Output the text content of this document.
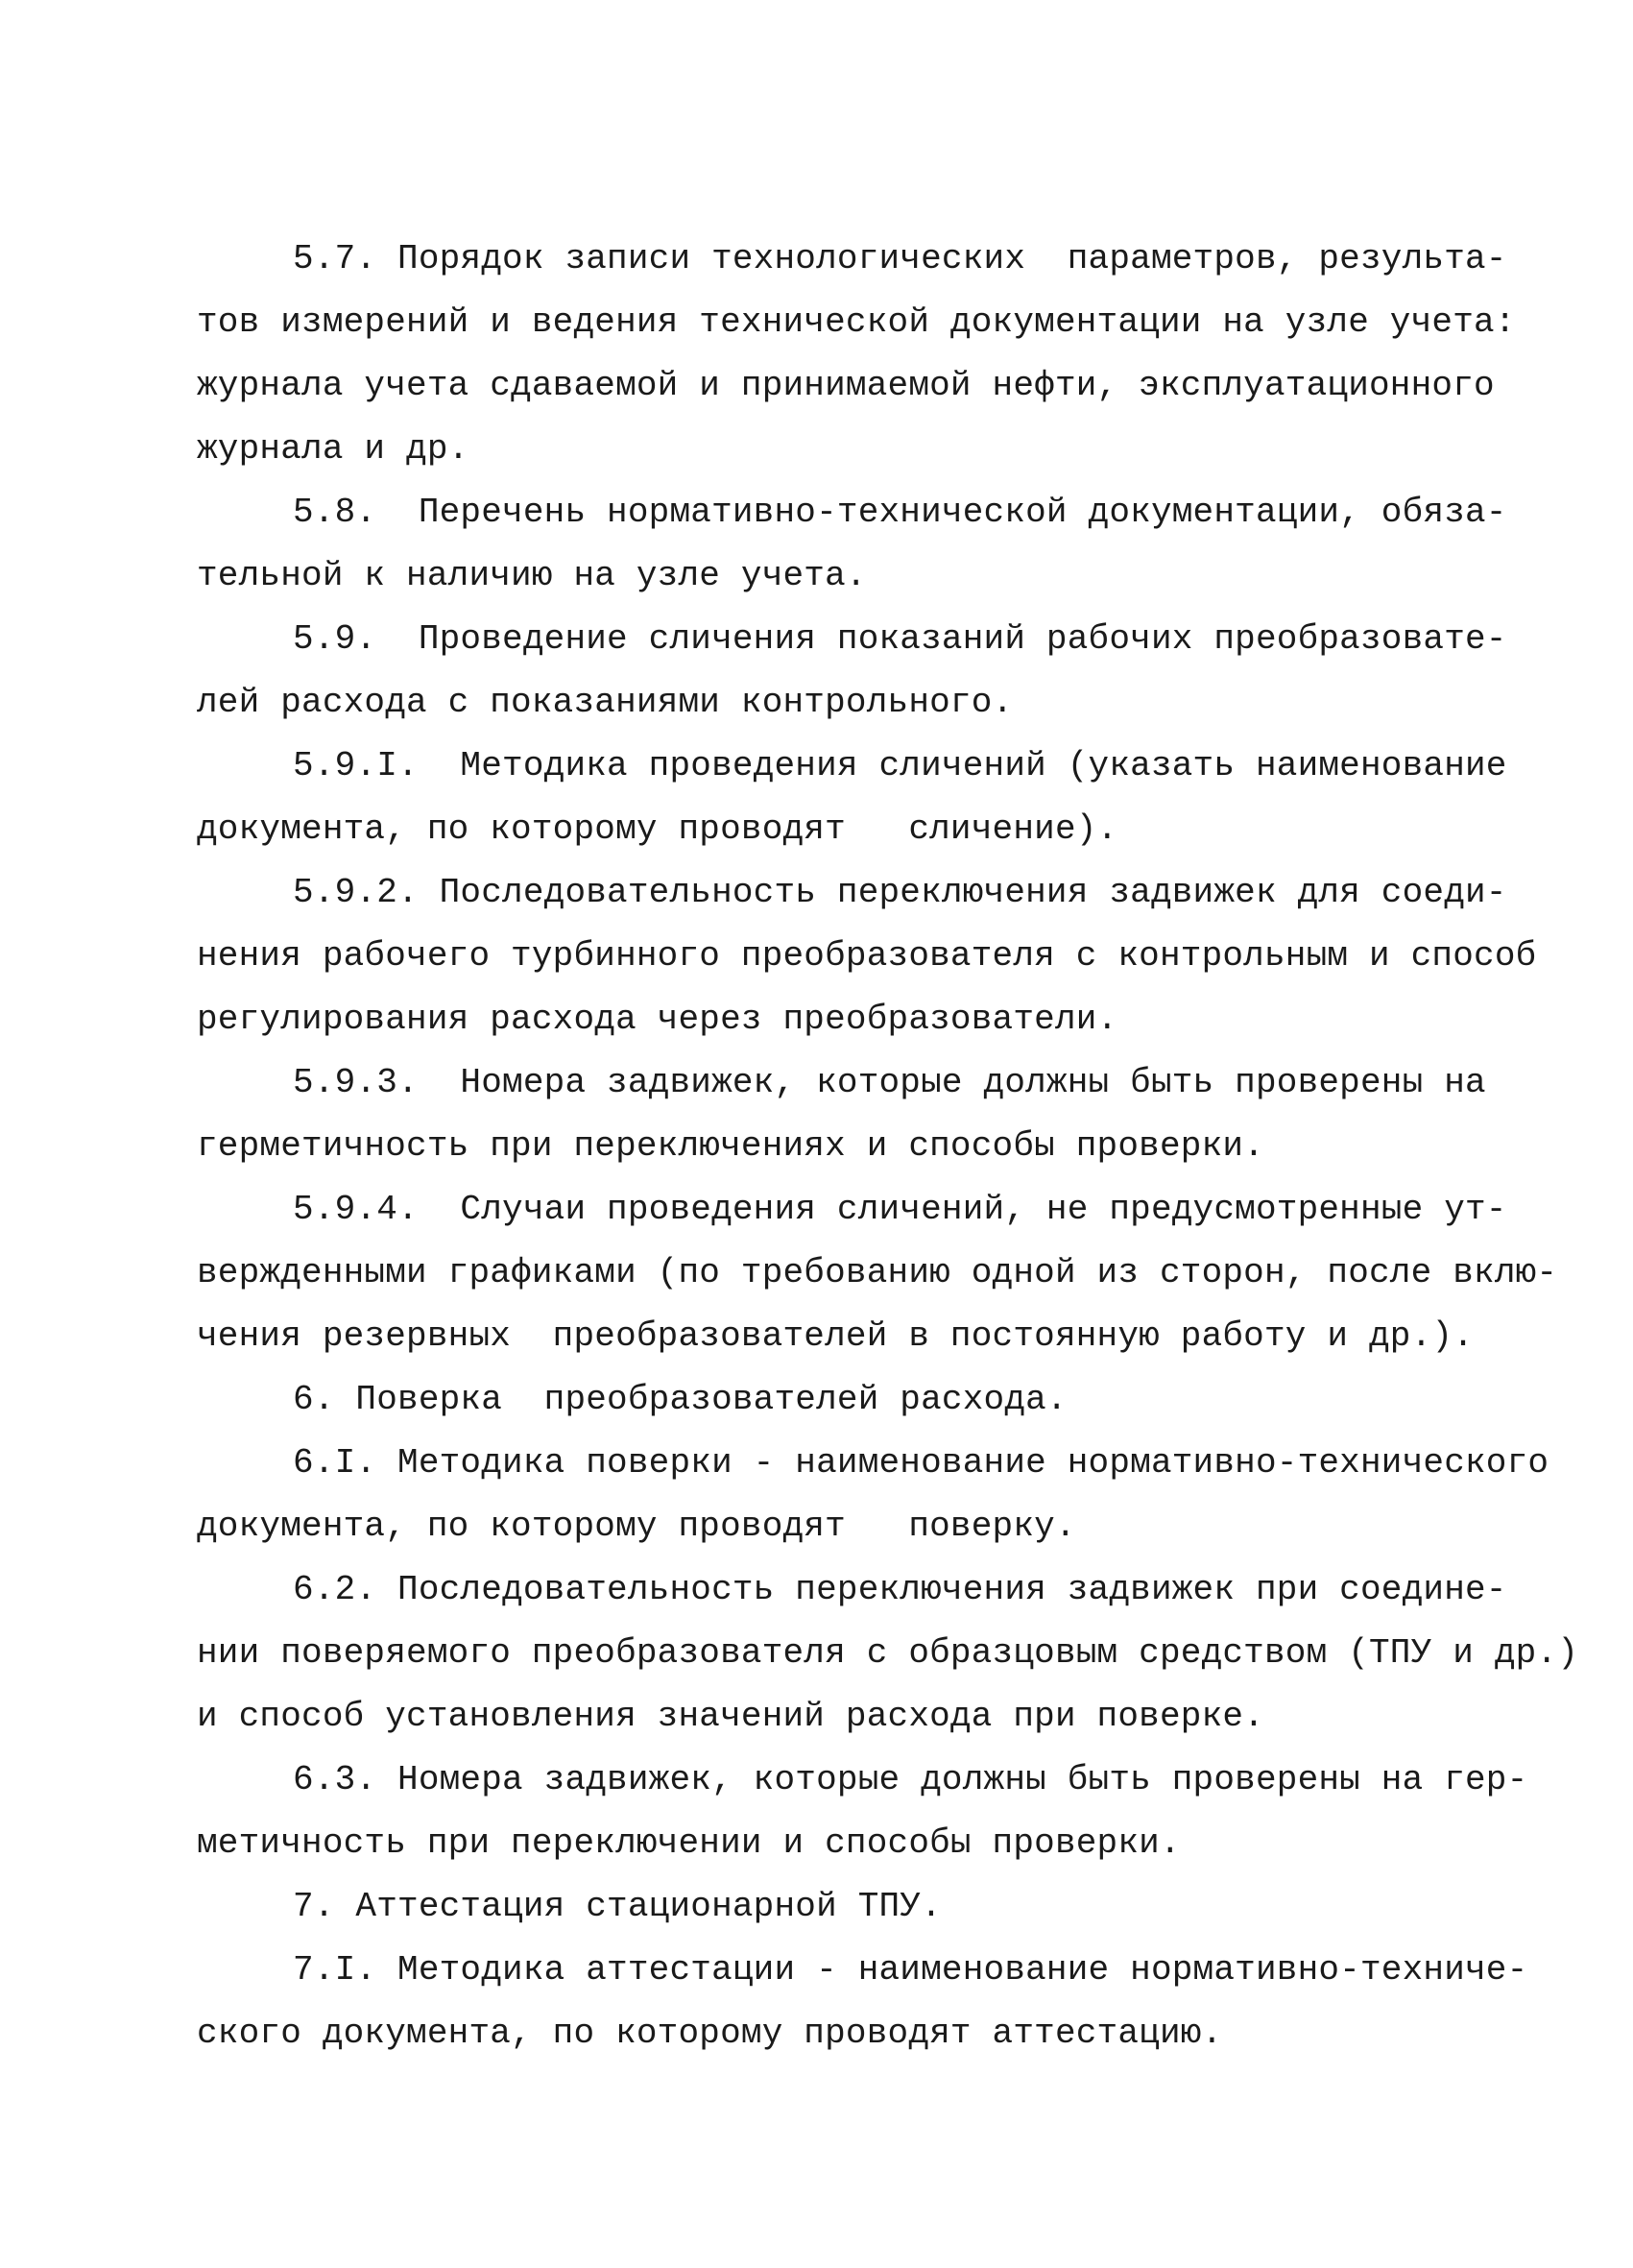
5.7. Порядок записи технологических  параметров, результа-
тов измерений и ведения технической документации на узле учета:
журнала учета сдаваемой и принимаемой нефти, эксплуатационного
журнала и др.
5.8.  Перечень нормативно-технической документации, обяза-
тельной к наличию на узле учета.
5.9.  Проведение сличения показаний рабочих преобразовате-
лей расхода с показаниями контрольного.
5.9.I.  Методика проведения сличений (указать наименование
документа, по которому проводят   сличение).
5.9.2. Последовательность переключения задвижек для соеди-
нения рабочего турбинного преобразователя с контрольным и способ
регулирования расхода через преобразователи.
5.9.3.  Номера задвижек, которые должны быть проверены на
герметичность при переключениях и способы проверки.
5.9.4.  Случаи проведения сличений, не предусмотренные ут-
вержденными графиками (по требованию одной из сторон, после вклю-
чения резервных  преобразователей в постоянную работу и др.).
6. Поверка  преобразователей расхода.
6.I. Методика поверки - наименование нормативно-технического
документа, по которому проводят   поверку.
6.2. Последовательность переключения задвижек при соедине-
нии поверяемого преобразователя с образцовым средством (ТПУ и др.)
и способ установления значений расхода при поверке.
6.3. Номера задвижек, которые должны быть проверены на гер-
метичность при переключении и способы проверки.
7. Аттестация стационарной ТПУ.
7.I. Методика аттестации - наименование нормативно-техниче-
ского документа, по которому проводят аттестацию.
